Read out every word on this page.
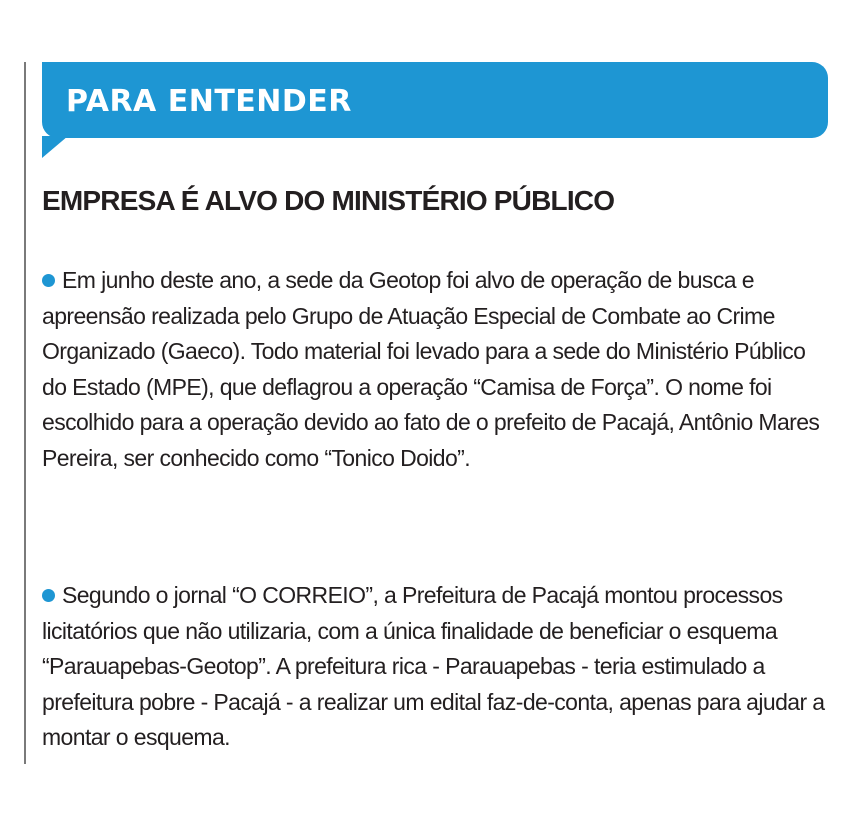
PARA ENTENDER
EMPRESA É ALVO DO MINISTÉRIO PÚBLICO

Em junho deste ano, a sede da Geotop foi alvo de operação de busca e apreensão realizada pelo Grupo de Atuação Especial de Combate ao Crime Organizado (Gaeco). Todo material foi levado para a sede do Ministério Público do Estado (MPE), que deflagrou a operação “Camisa de Força”. O nome foi escolhido para a operação devido ao fato de o prefeito de Pacajá, Antônio Mares Pereira, ser conhecido como “Tonico Doido”.

Segundo o jornal “O CORREIO”, a Prefeitura de Pacajá montou processos licitatórios que não utilizaria, com a única finalidade de beneficiar o esquema “Parauapebas-Geotop”. A prefeitura rica - Parauapebas - teria estimulado a prefeitura pobre - Pacajá - a realizar um edital faz-de-conta, apenas para ajudar a montar o esquema.
